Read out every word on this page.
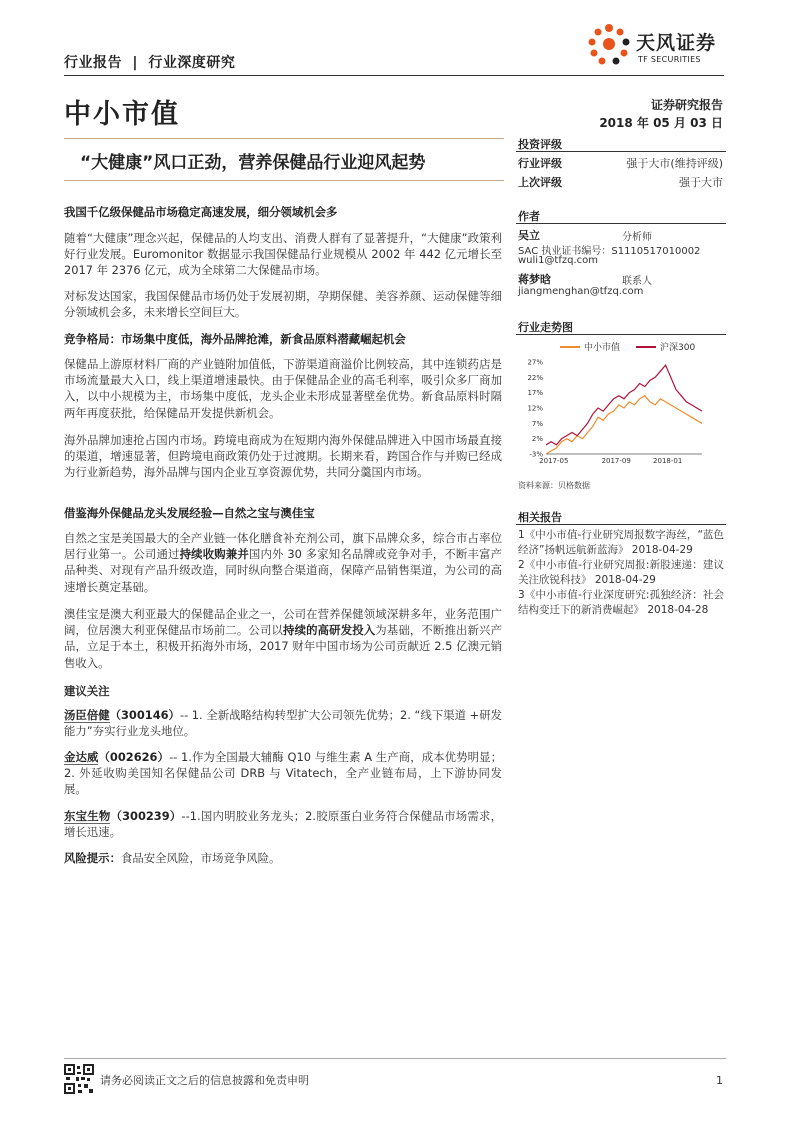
行业报告 | 行业深度研究
天风证券
TF SECURITIES
中小市值	证券研究报告
2018 年 05 月 03 日
“大健康”风口正劲，营养保健品行业迎风起势
我国千亿级保健品市场稳定高速发展，细分领域机会多
随着“大健康”理念兴起，保健品的人均支出、消费人群有了显著提升，“大健康”政策利好行业发展。Euromonitor 数据显示我国保健品行业规模从 2002 年 442 亿元增长至 2017 年 2376 亿元，成为全球第二大保健品市场。
对标发达国家，我国保健品市场仍处于发展初期，孕期保健、美容养颜、运动保健等细分领域机会多，未来增长空间巨大。
竞争格局：市场集中度低，海外品牌抢滩，新食品原料潜藏崛起机会
保健品上游原材料厂商的产业链附加值低，下游渠道商溢价比例较高，其中连锁药店是市场流量最大入口，线上渠道增速最快。由于保健品企业的高毛利率，吸引众多厂商加入，以中小规模为主，市场集中度低，龙头企业未形成显著壁垒优势。新食品原料时隔两年再度获批，给保健品开发提供新机会。
海外品牌加速抢占国内市场。跨境电商成为在短期内海外保健品牌进入中国市场最直接的渠道，增速显著，但跨境电商政策仍处于过渡期。长期来看，跨国合作与并购已经成为行业新趋势，海外品牌与国内企业互享资源优势，共同分羹国内市场。
借鉴海外保健品龙头发展经验—自然之宝与澳佳宝
自然之宝是美国最大的全产业链一体化膳食补充剂公司，旗下品牌众多，综合市占率位居行业第一。公司通过持续收购兼并国内外 30 多家知名品牌或竞争对手，不断丰富产品种类、对现有产品升级改造，同时纵向整合渠道商，保障产品销售渠道，为公司的高速增长奠定基础。
澳佳宝是澳大利亚最大的保健品企业之一，公司在营养保健领域深耕多年，业务范围广阔，位居澳大利亚保健品市场前二。公司以持续的高研发投入为基础，不断推出新兴产品，立足于本土，积极开拓海外市场，2017 财年中国市场为公司贡献近 2.5 亿澳元销售收入。
建议关注
汤臣倍健（300146）-- 1. 全新战略结构转型扩大公司领先优势；2. “线下渠道 +研发能力”夯实行业龙头地位。
金达威（002626）-- 1.作为全国最大辅酶 Q10 与维生素 A 生产商，成本优势明显； 2. 外延收购美国知名保健品公司 DRB 与 Vitatech，全产业链布局，上下游协同发展。
东宝生物（300239）--1.国内明胶业务龙头；2.胶原蛋白业务符合保健品市场需求，增长迅速。
风险提示：食品安全风险，市场竞争风险。
投资评级
行业评级	强于大市(维持评级)
上次评级	强于大市
作者
吴立	分析师
SAC 执业证书编号：S1110517010002
wuli1@tfzq.com
蒋梦晗	联系人
jiangmenghan@tfzq.com
行业走势图
中小市值	沪深300
27%
22%
17%
12%
7%
2%
-3%
2017-05	2017-09	2018-01
资料来源：贝格数据
相关报告
1《中小市值-行业研究周报数字海丝，“蓝色经济”扬帆远航新蓝海》 2018-04-29
2《中小市值-行业研究周报:新股速递：建议关注欣锐科技》 2018-04-29
3《中小市值-行业深度研究:孤独经济：社会结构变迁下的新消费崛起》 2018-04-28
请务必阅读正文之后的信息披露和免责申明	1
